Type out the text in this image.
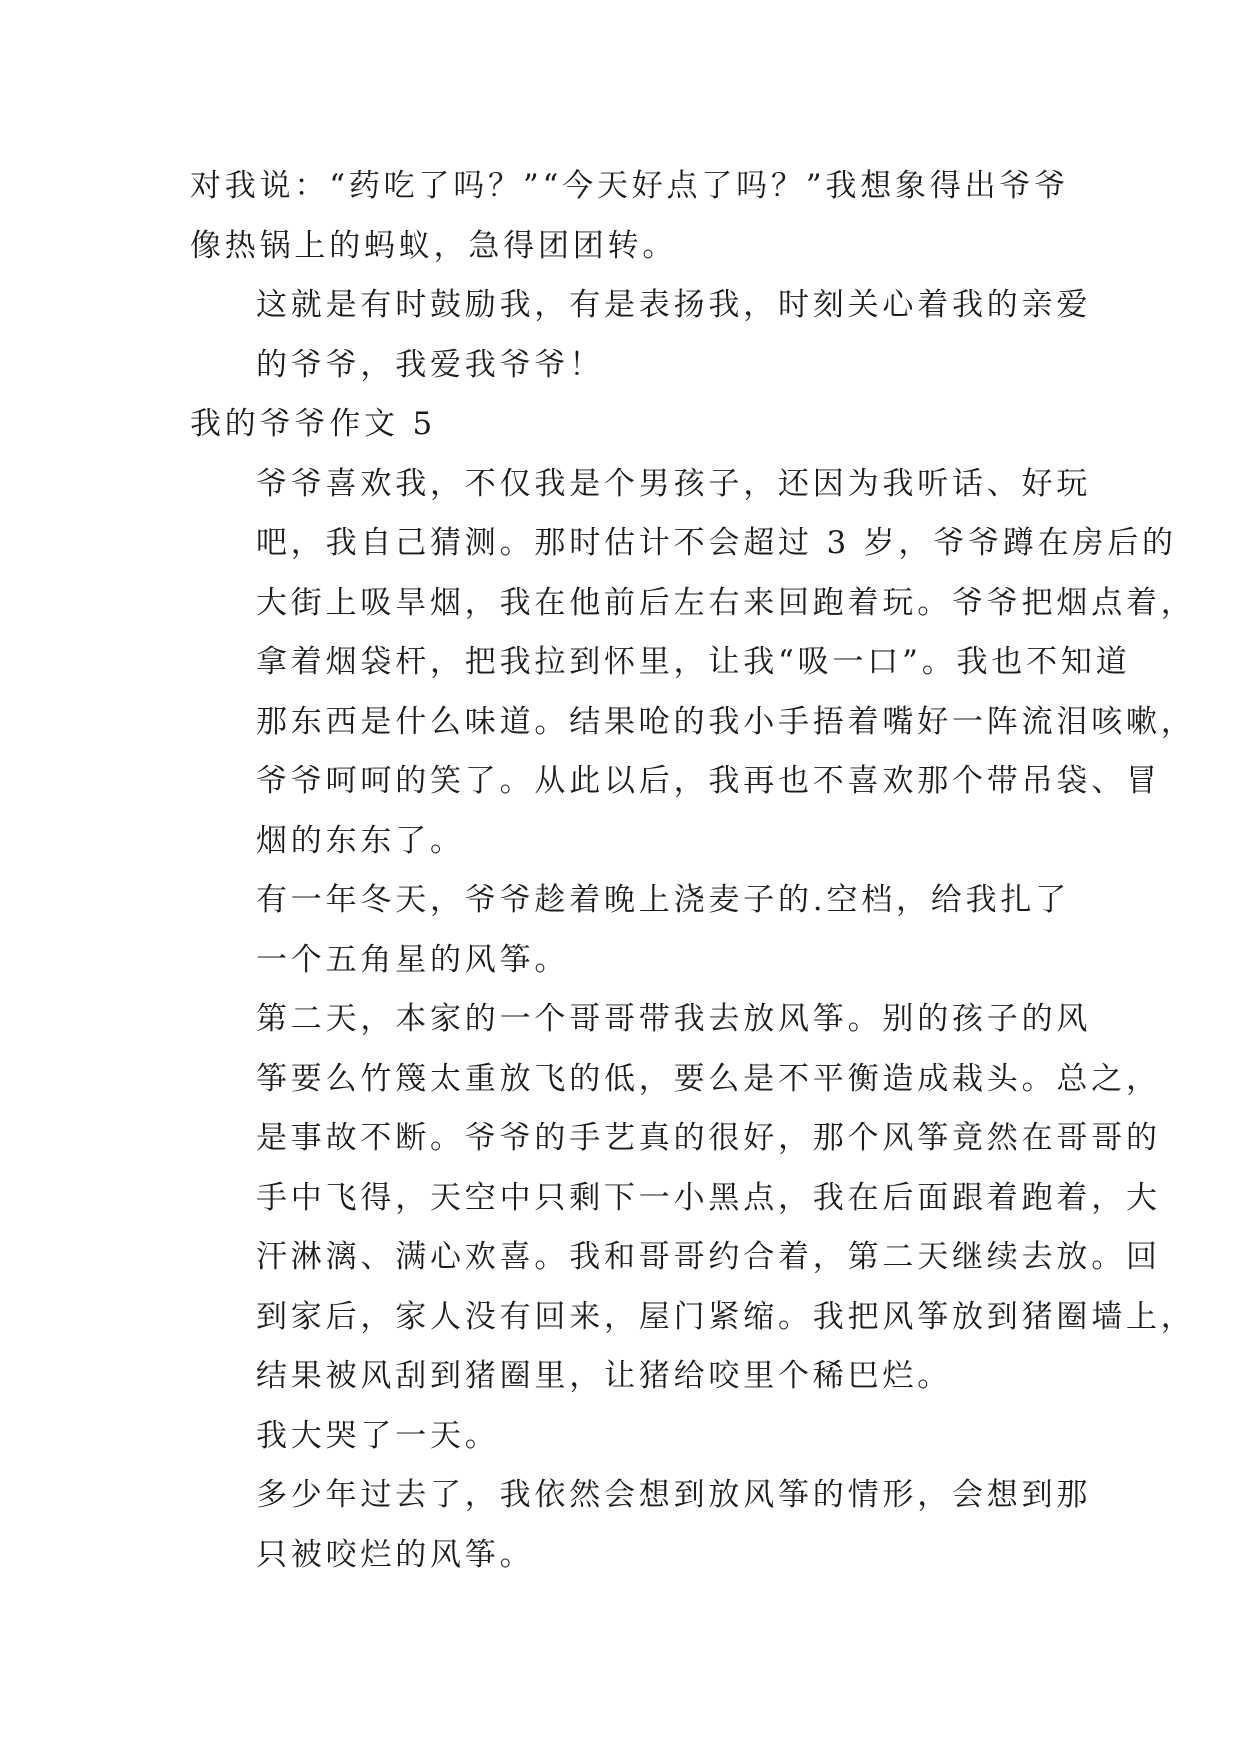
对我说：“药吃了吗？”“今天好点了吗？”我想象得出爷爷
像热锅上的蚂蚁，急得团团转。
这就是有时鼓励我，有是表扬我，时刻关心着我的亲爱
的爷爷，我爱我爷爷！
我的爷爷作文 5
爷爷喜欢我，不仅我是个男孩子，还因为我听话、好玩
吧，我自己猜测。那时估计不会超过 3 岁，爷爷蹲在房后的
大街上吸旱烟，我在他前后左右来回跑着玩。爷爷把烟点着，
拿着烟袋杆，把我拉到怀里，让我“吸一口”。我也不知道
那东西是什么味道。结果呛的我小手捂着嘴好一阵流泪咳嗽，
爷爷呵呵的笑了。从此以后，我再也不喜欢那个带吊袋、冒
烟的东东了。
有一年冬天，爷爷趁着晚上浇麦子的.空档，给我扎了
一个五角星的风筝。
第二天，本家的一个哥哥带我去放风筝。别的孩子的风
筝要么竹篾太重放飞的低，要么是不平衡造成栽头。总之，
是事故不断。爷爷的手艺真的很好，那个风筝竟然在哥哥的
手中飞得，天空中只剩下一小黑点，我在后面跟着跑着，大
汗淋漓、满心欢喜。我和哥哥约合着，第二天继续去放。回
到家后，家人没有回来，屋门紧缩。我把风筝放到猪圈墙上，
结果被风刮到猪圈里，让猪给咬里个稀巴烂。
我大哭了一天。
多少年过去了，我依然会想到放风筝的情形，会想到那
只被咬烂的风筝。
